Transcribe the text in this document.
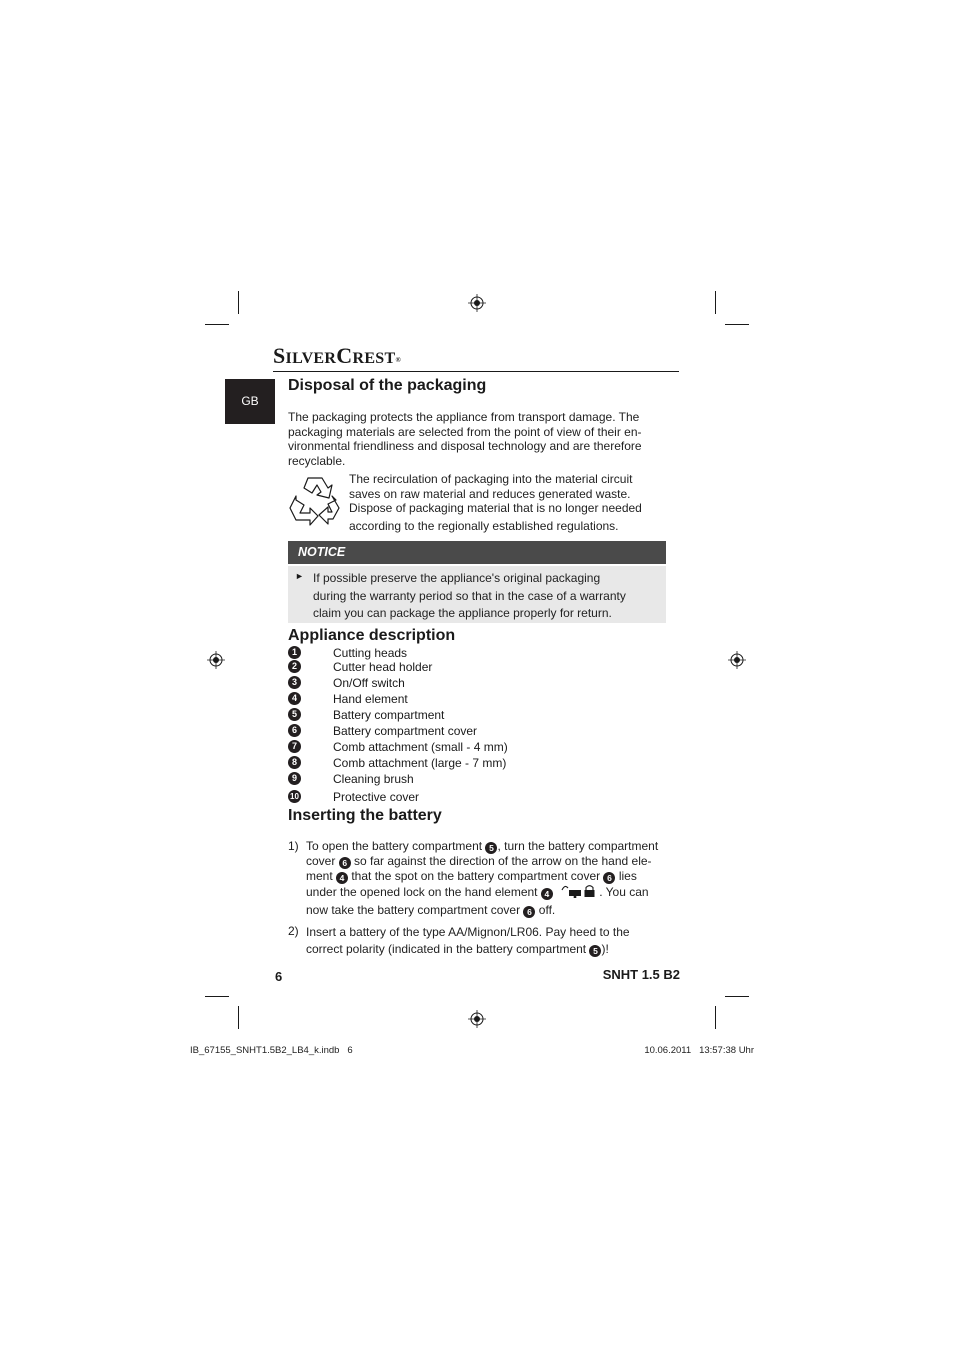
SILVERCREST®
GB
Disposal of the packaging
The packaging protects the appliance from transport damage. The
packaging materials are selected from the point of view of their en-
vironmental friendliness and disposal technology and are therefore
recyclable.
The recirculation of packaging into the material circuit
saves on raw material and reduces generated waste.
Dispose of packaging material that is no longer needed
according to the regionally established regulations.
NOTICE
► If possible preserve the appliance's original packaging
during the warranty period so that in the case of a warranty
claim you can package the appliance properly for return.
Appliance description
1	Cutting heads
2	Cutter head holder
3	On/Off switch
4	Hand element
5	Battery compartment
6	Battery compartment cover
7	Comb attachment (small - 4 mm)
8	Comb attachment (large - 7 mm)
9	Cleaning brush
10	Protective cover
Inserting the battery
1) To open the battery compartment 5 , turn the battery compartment
cover 6 so far against the direction of the arrow on the hand ele-
ment 4 that the spot on the battery compartment cover 6 lies
under the opened lock on the hand element 4	. You can
now take the battery compartment cover 6 off.
2) Insert a battery of the type AA/Mignon/LR06. Pay heed to the
correct polarity (indicated in the battery compartment 5 )!
6	SNHT 1.5 B2
IB_67155_SNHT1.5B2_LB4_k.indb   6	10.06.2011   13:57:38 Uhr
